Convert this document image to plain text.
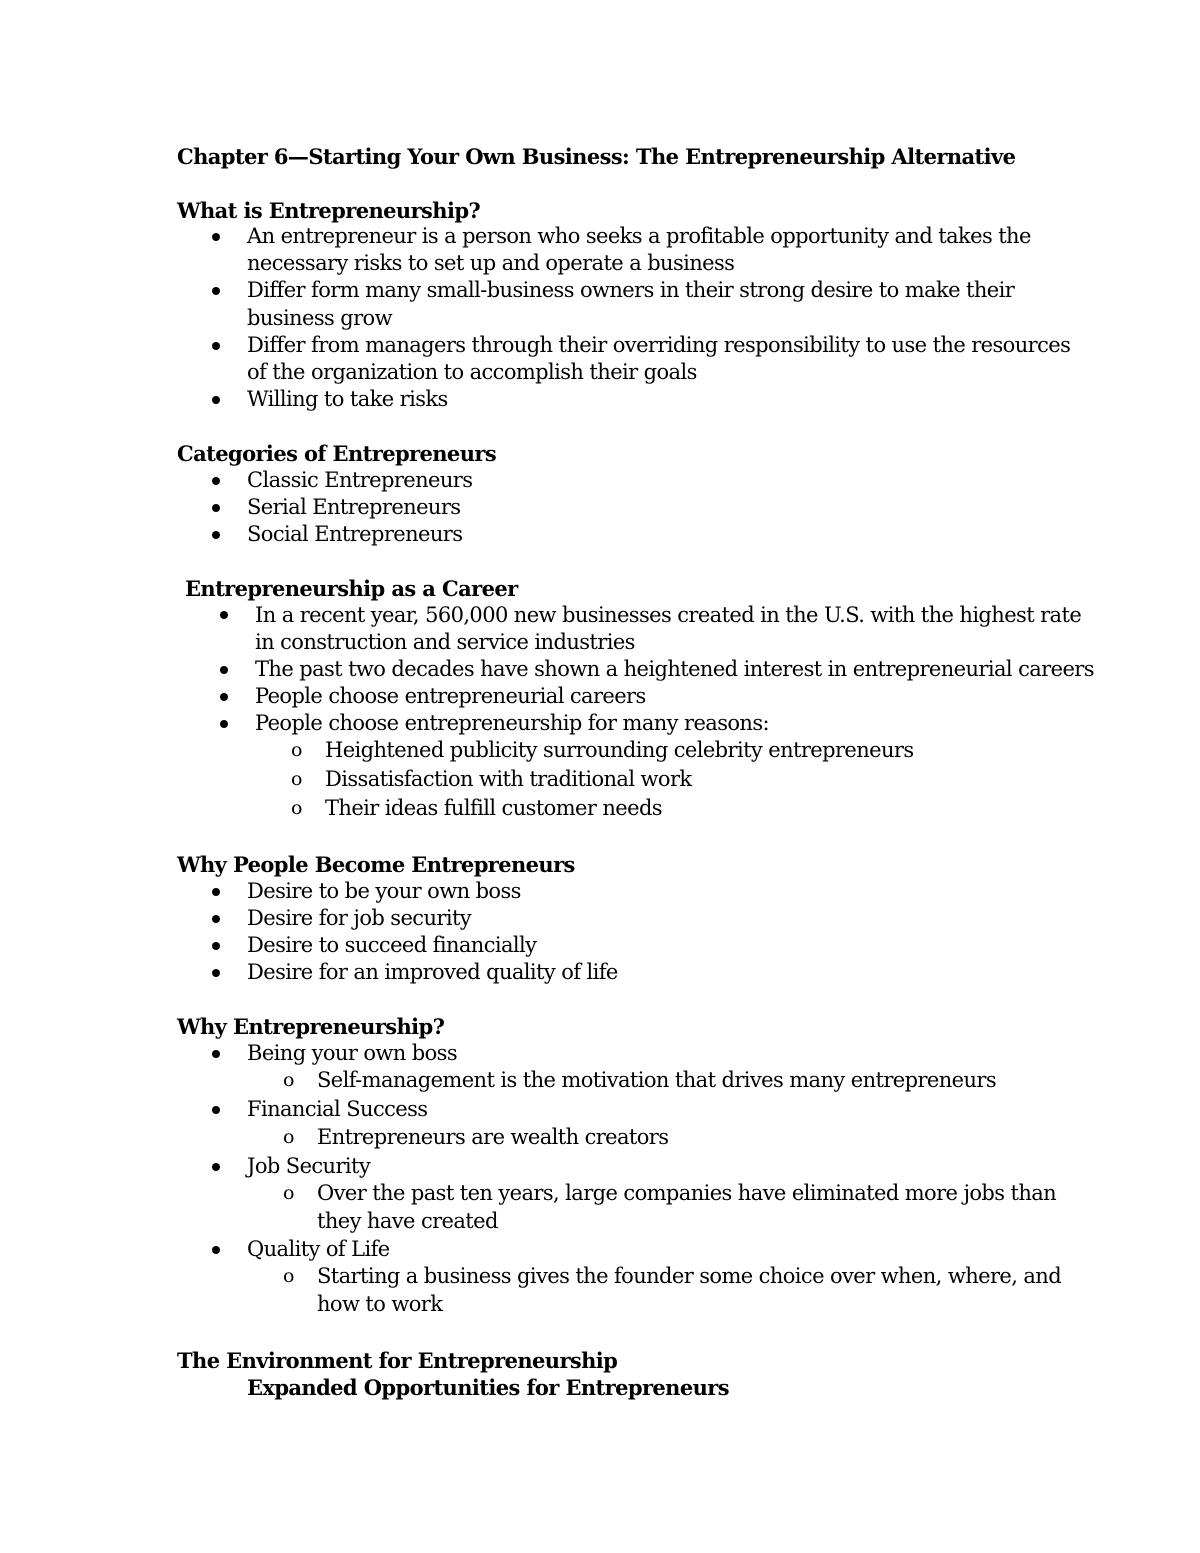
Chapter 6—Starting Your Own Business: The Entrepreneurship Alternative
What is Entrepreneurship?
An entrepreneur is a person who seeks a profitable opportunity and takes the
necessary risks to set up and operate a business
Differ form many small-business owners in their strong desire to make their
business grow
Differ from managers through their overriding responsibility to use the resources
of the organization to accomplish their goals
Willing to take risks
Categories of Entrepreneurs
Classic Entrepreneurs
Serial Entrepreneurs
Social Entrepreneurs
Entrepreneurship as a Career
In a recent year, 560,000 new businesses created in the U.S. with the highest rate
in construction and service industries
The past two decades have shown a heightened interest in entrepreneurial careers
People choose entrepreneurial careers
People choose entrepreneurship for many reasons:
o Heightened publicity surrounding celebrity entrepreneurs
o Dissatisfaction with traditional work
o Their ideas fulfill customer needs
Why People Become Entrepreneurs
Desire to be your own boss
Desire for job security
Desire to succeed financially
Desire for an improved quality of life
Why Entrepreneurship?
Being your own boss
o Self-management is the motivation that drives many entrepreneurs
Financial Success
o Entrepreneurs are wealth creators
Job Security
o Over the past ten years, large companies have eliminated more jobs than
they have created
Quality of Life
o Starting a business gives the founder some choice over when, where, and
how to work
The Environment for Entrepreneurship
Expanded Opportunities for Entrepreneurs
